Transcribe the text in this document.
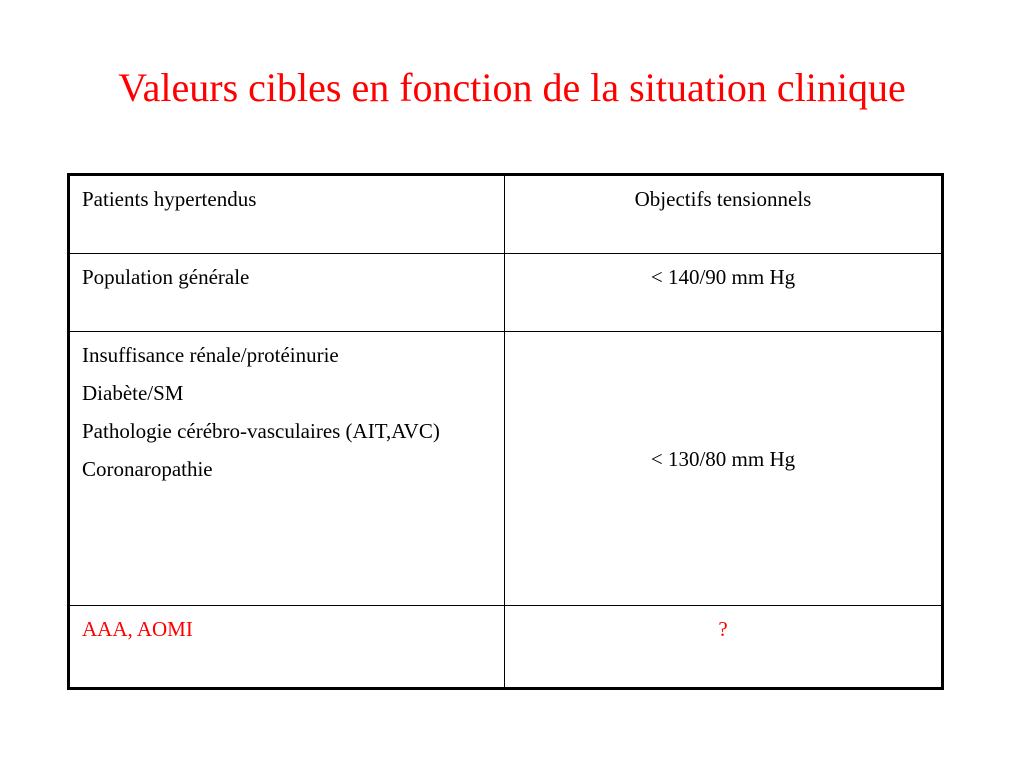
Valeurs cibles en fonction de la situation clinique
Patients hypertendus	Objectifs tensionnels

Population générale	< 140/90 mm Hg

Insuffisance rénale/protéinurie
Diabète/SM
Pathologie cérébro-vasculaires (AIT,AVC)
Coronaropathie	< 130/80 mm Hg

AAA, AOMI	?
